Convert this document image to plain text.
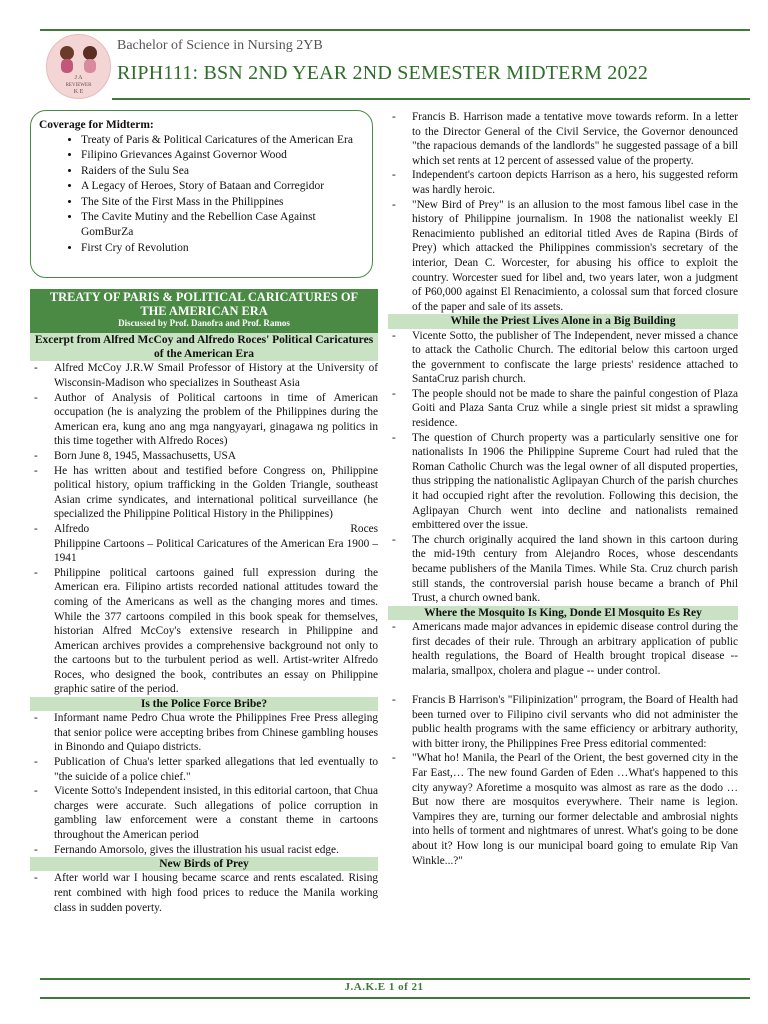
J A
REVIEWER
K E
Bachelor of Science in Nursing 2YB
RIPH111: BSN 2ND YEAR 2ND SEMESTER MIDTERM 2022
Coverage for Midterm:
• Treaty of Paris & Political Caricatures of the American Era
• Filipino Grievances Against Governor Wood
• Raiders of the Sulu Sea
• A Legacy of Heroes, Story of Bataan and Corregidor
• The Site of the First Mass in the Philippines
• The Cavite Mutiny and the Rebellion Case Against GomBurZa
• First Cry of Revolution
TREATY OF PARIS & POLITICAL CARICATURES OF THE AMERICAN ERA
Discussed by Prof. Danofra and Prof. Ramos
Excerpt from Alfred McCoy and Alfredo Roces' Political Caricatures of the American Era

- Alfred McCoy J.R.W Smail Professor of History at the University of Wisconsin-Madison who specializes in Southeast Asia

- Author of Analysis of Political cartoons in time of American occupation (he is analyzing the problem of the Philippines during the American era, kung ano ang mga nangyayari, ginagawa ng politics in this time together with Alfredo Roces)

- Born June 8, 1945, Massachusetts, USA

- He has written about and testified before Congress on, Philippine political history, opium trafficking in the Golden Triangle, southeast Asian crime syndicates, and international political surveillance (he specialized the Philippine Political History in the Philippines)

- Alfredo	Roces
Philippine Cartoons – Political Caricatures of the American Era 1900 – 1941

- Philippine political cartoons gained full expression during the American era. Filipino artists recorded national attitudes toward the coming of the Americans as well as the changing mores and times. While the 377 cartoons compiled in this book speak for themselves, historian Alfred McCoy's extensive research in Philippine and American archives provides a comprehensive background not only to the cartoons but to the turbulent period as well. Artist-writer Alfredo Roces, who designed the book, contributes an essay on Philippine graphic satire of the period.

Is the Police Force Bribe?

- Informant name Pedro Chua wrote the Philippines Free Press alleging that senior police were accepting bribes from Chinese gambling houses in Binondo and Quiapo districts.

- Publication of Chua's letter sparked allegations that led eventually to "the suicide of a police chief."

- Vicente Sotto's Independent insisted, in this editorial cartoon, that Chua charges were accurate. Such allegations of police corruption in gambling law enforcement were a constant theme in cartoons throughout the American period

- Fernando Amorsolo, gives the illustration his usual racist edge.

New Birds of Prey

- After world war I housing became scarce and rents escalated. Rising rent combined with high food prices to reduce the Manila working class in sudden poverty.

- Francis B. Harrison made a tentative move towards reform. In a letter to the Director General of the Civil Service, the Governor denounced "the rapacious demands of the landlords" he suggested passage of a bill which set rents at 12 percent of assessed value of the property.

- Independent's cartoon depicts Harrison as a hero, his suggested reform was hardly heroic.

- "New Bird of Prey" is an allusion to the most famous libel case in the history of Philippine journalism. In 1908 the nationalist weekly El Renacimiento published an editorial titled Aves de Rapina (Birds of Prey) which attacked the Philippines commission's secretary of the interior, Dean C. Worcester, for abusing his office to exploit the country. Worcester sued for libel and, two years later, won a judgment of P60,000 against El Renacimiento, a colossal sum that forced closure of the paper and sale of its assets.

While the Priest Lives Alone in a Big Building

- Vicente Sotto, the publisher of The Independent, never missed a chance to attack the Catholic Church. The editorial below this cartoon urged the government to confiscate the large priests' residence attached to SantaCruz parish church.

- The people should not be made to share the painful congestion of Plaza Goiti and Plaza Santa Cruz while a single priest sit midst a sprawling residence.

- The question of Church property was a particularly sensitive one for nationalists In 1906 the Philippine Supreme Court had ruled that the Roman Catholic Church was the legal owner of all disputed properties, thus stripping the nationalistic Aglipayan Church of the parish churches it had occupied right after the revolution. Following this decision, the Aglipayan Church went into decline and nationalists remained embittered over the issue.

- The church originally acquired the land shown in this cartoon during the mid-19th century from Alejandro Roces, whose descendants became publishers of the Manila Times. While Sta. Cruz church parish still stands, the controversial parish house became a branch of Phil Trust, a church owned bank.

Where the Mosquito Is King, Donde El Mosquito Es Rey

- Americans made major advances in epidemic disease control during the first decades of their rule. Through an arbitrary application of public health regulations, the Board of Health brought tropical disease -- malaria, smallpox, cholera and plague -- under control.

- Francis B Harrison's "Filipinization" prrogram, the Board of Health had been turned over to Filipino civil servants who did not administer the public health programs with the same efficiency or arbitrary authority, with bitter irony, the Philippines Free Press editorial commented:

- "What ho! Manila, the Pearl of the Orient, the best governed city in the Far East,… The new found Garden of Eden …What's happened to this city anyway? Aforetime a mosquito was almost as rare as the dodo …But now there are mosquitos everywhere. Their name is legion. Vampires they are, turning our former delectable and ambrosial nights into hells of torment and nightmares of unrest. What's going to be done about it? How long is our municipal board going to emulate Rip Van Winkle...?"

J.A.K.E 1 of 21
